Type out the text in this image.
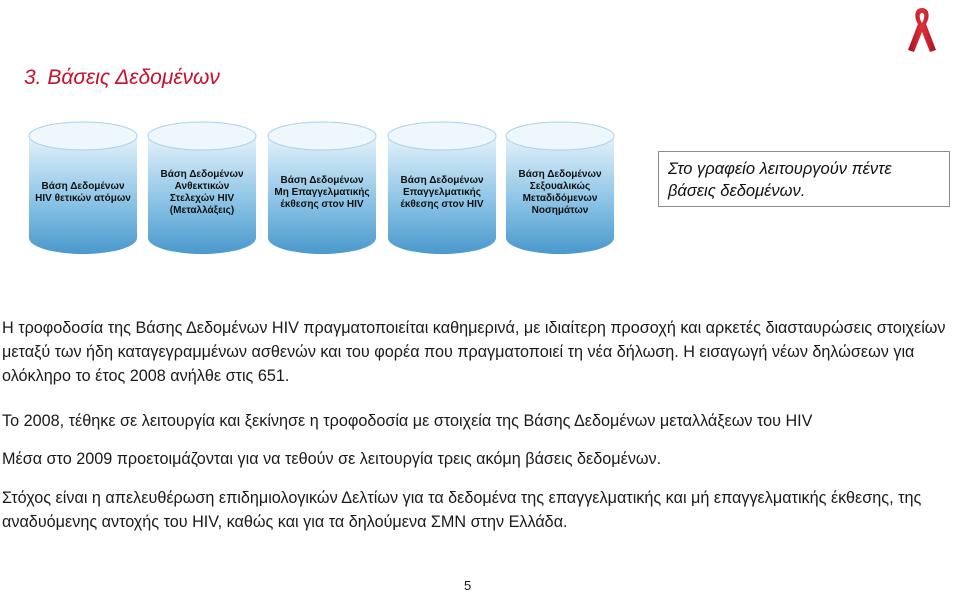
3. Βάσεις Δεδομένων
Βάση Δεδομένων
HIV θετικών ατόμων
Βάση Δεδομένων
Ανθεκτικών
Στελεχών HIV
(Μεταλλάξεις)
Βάση Δεδομένων
Μη Επαγγελματικής
έκθεσης στον HIV
Βάση Δεδομένων
Επαγγελματικής
έκθεσης στον HIV
Βάση Δεδομένων
Σεξουαλικώς
Μεταδιδόμενων
Νοσημάτων
Στο γραφείο λειτουργούν πέντε βάσεις δεδομένων.
Η τροφοδοσία της Βάσης Δεδομένων HIV πραγματοποιείται καθημερινά, με ιδιαίτερη προσοχή και αρκετές διασταυρώσεις στοιχείων μεταξύ των ήδη καταγεγραμμένων ασθενών και του φορέα που πραγματοποιεί τη νέα δήλωση. Η εισαγωγή νέων δηλώσεων για ολόκληρο το έτος 2008 ανήλθε στις 651.
Το 2008, τέθηκε σε λειτουργία και ξεκίνησε η τροφοδοσία με στοιχεία της Βάσης Δεδομένων μεταλλάξεων του HIV
Μέσα στο 2009 προετοιμάζονται για να τεθούν σε λειτουργία τρεις ακόμη βάσεις δεδομένων.
Στόχος είναι η απελευθέρωση επιδημιολογικών Δελτίων για τα δεδομένα της επαγγελματικής και μή επαγγελματικής έκθεσης, της αναδυόμενης αντοχής του HIV, καθώς και για τα δηλούμενα ΣΜΝ στην Ελλάδα.
5
